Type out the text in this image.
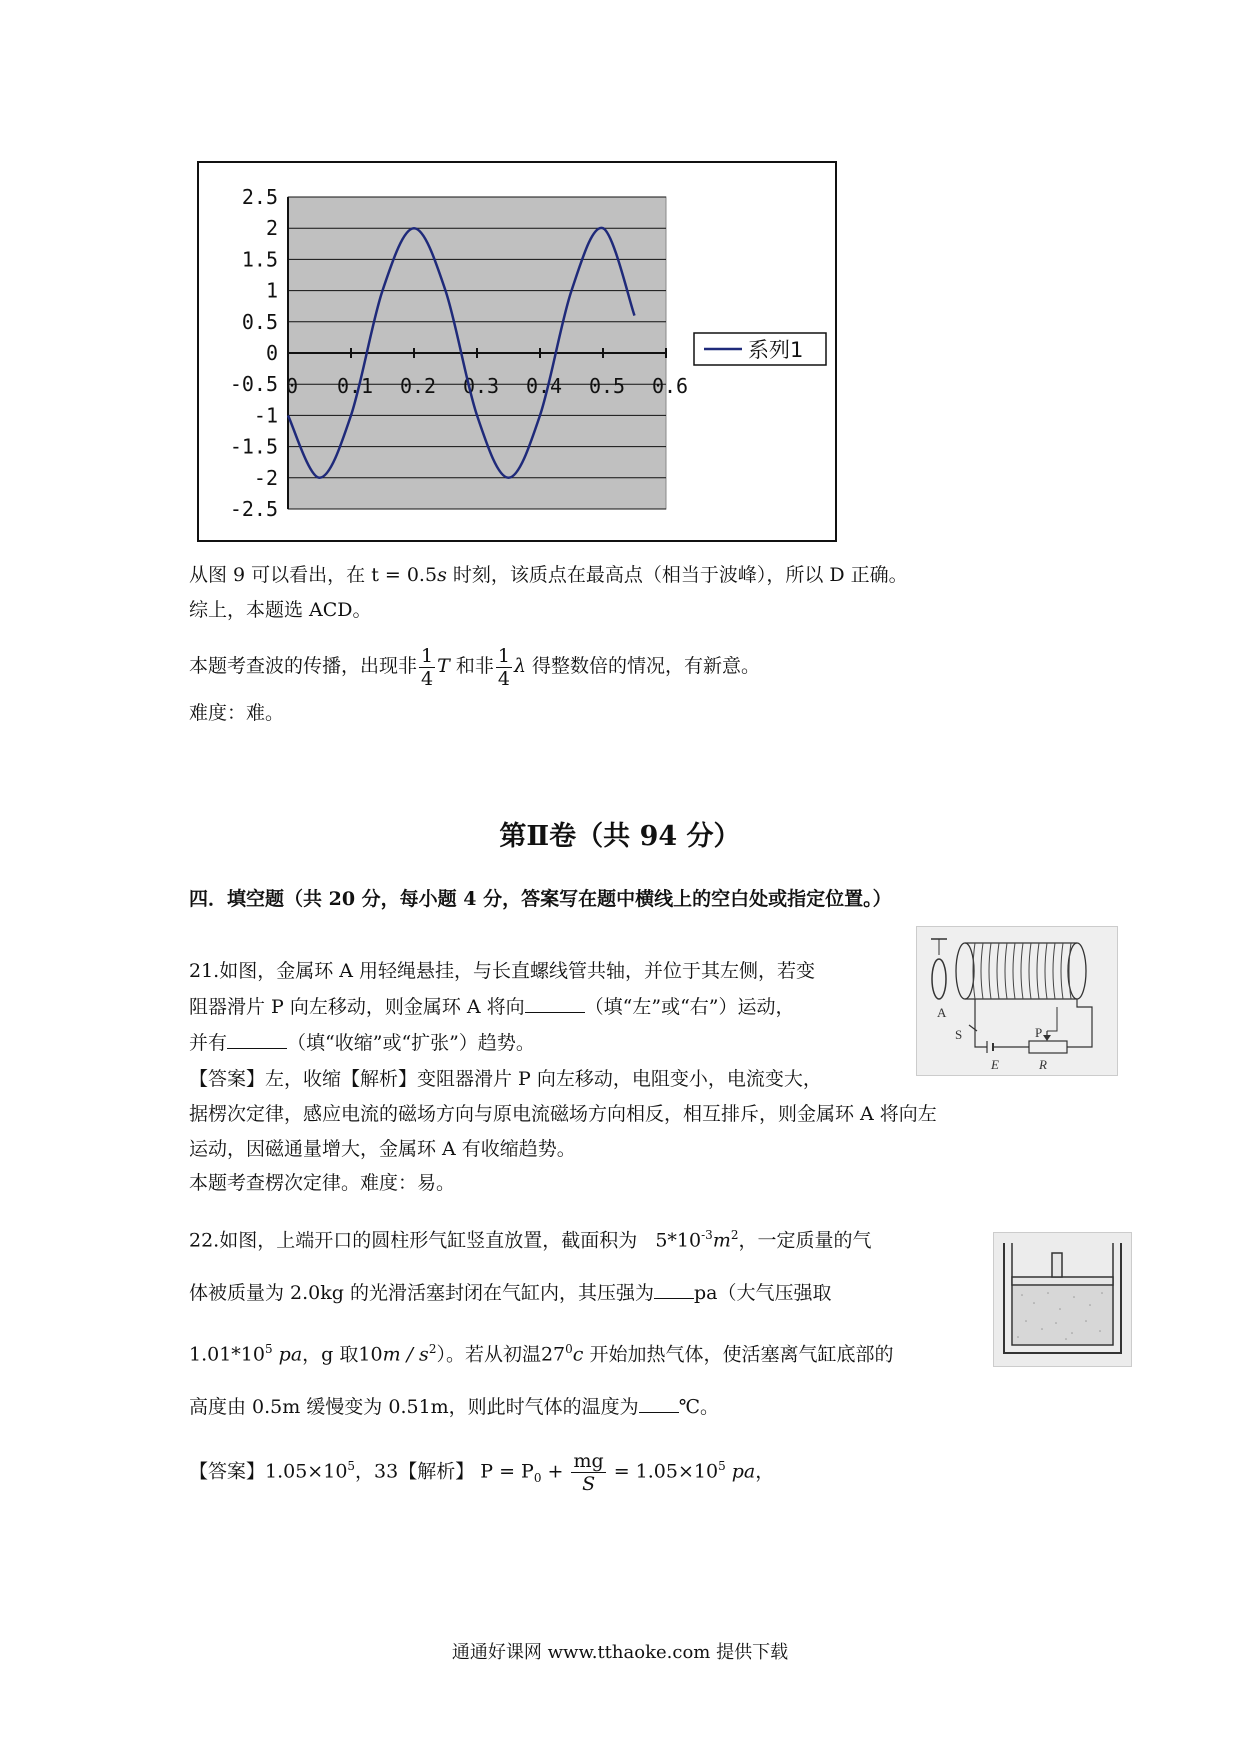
2.5
2
1.5
1
0.5
0
-0.5
-1
-1.5
-2
-2.5
0 0.1 0.2 0.3 0.4 0.5 0.6
系列1
从图 9 可以看出，在 t = 0.5s 时刻，该质点在最高点（相当于波峰），所以 D 正确。
综上，本题选 ACD。
本题考查波的传播，出现非 $\frac{1}{4}$ T 和非 $\frac{1}{4}$ λ 得整数倍的情况，有新意。
难度：难。
第Ⅱ卷（共 94 分）
四．填空题（共 20 分，每小题 4 分，答案写在题中横线上的空白处或指定位置。）
21.如图，金属环 A 用轻绳悬挂，与长直螺线管共轴，并位于其左侧，若变
阻器滑片 P 向左移动，则金属环 A 将向	（填“左”或“右”）运动，
并有	（填“收缩”或“扩张”）趋势。
【答案】左，收缩【解析】变阻器滑片 P 向左移动，电阻变小，电流变大，
据楞次定律，感应电流的磁场方向与原电流磁场方向相反，相互排斥，则金属环 A 将向左
运动，因磁通量增大，金属环 A 有收缩趋势。
本题考查楞次定律。难度：易。
A
S	P
E	R
22.如图，上端开口的圆柱形气缸竖直放置，截面积为 $5*10^{-3}m^2$，一定质量的气
体被质量为 2.0kg 的光滑活塞封闭在气缸内，其压强为 pa（大气压强取
$1.01*10^5$ pa，g 取$10m / s^2$）。若从初温$27^0c$ 开始加热气体，使活塞离气缸底部的
高度由 0.5m 缓慢变为 0.51m，则此时气体的温度为 ℃。
【答案】$1.05\times 10^5$，33【解析】 $P = P_0 + \frac{mg}{S} = 1.05\times 10^5$ pa，
通通好课网 www.tthaoke.com 提供下载
